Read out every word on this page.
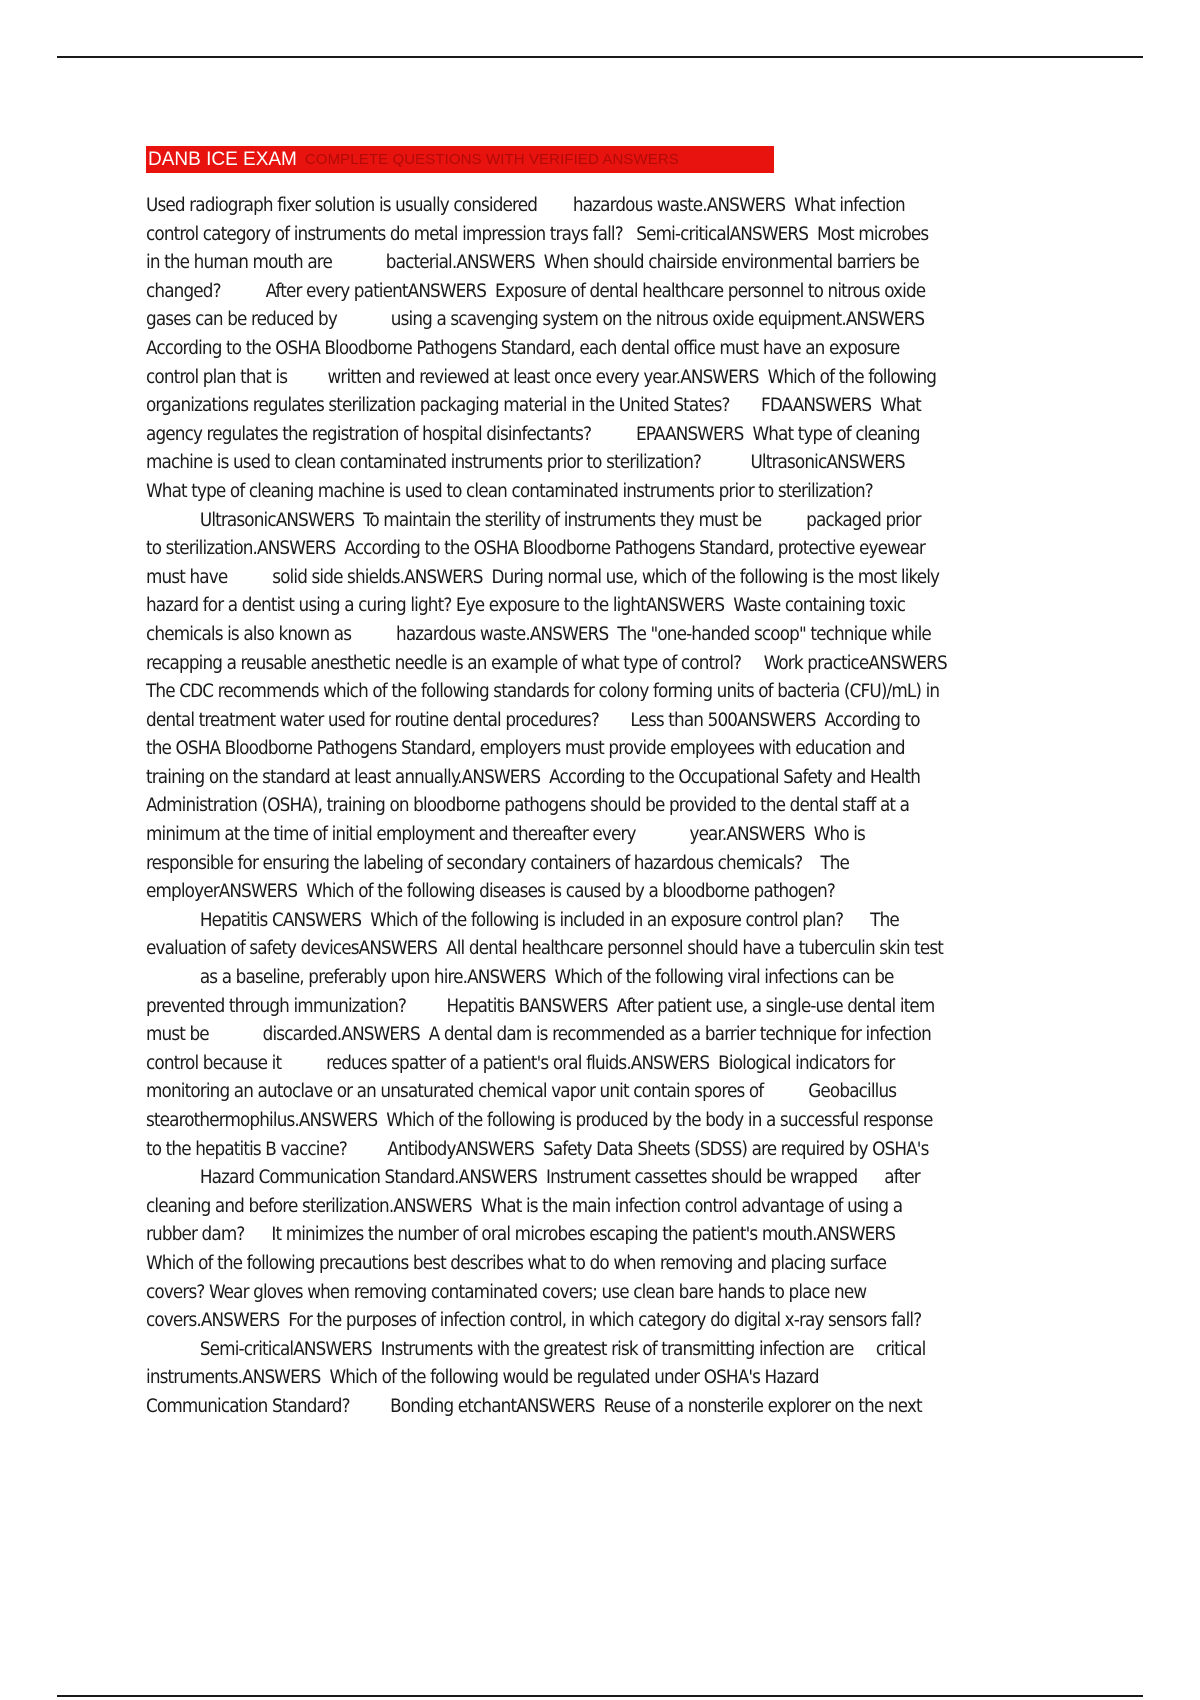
DANB ICE EXAM COMPLETE QUESTIONS WITH VERIFIED ANSWERS
Used radiograph fixer solution is usually considered        hazardous waste.ANSWERS  What infection
control category of instruments do metal impression trays fall?   Semi-criticalANSWERS  Most microbes
in the human mouth are            bacterial.ANSWERS  When should chairside environmental barriers be
changed?          After every patientANSWERS  Exposure of dental healthcare personnel to nitrous oxide
gases can be reduced by            using a scavenging system on the nitrous oxide equipment.ANSWERS
According to the OSHA Bloodborne Pathogens Standard, each dental office must have an exposure
control plan that is         written and reviewed at least once every year.ANSWERS  Which of the following
organizations regulates sterilization packaging material in the United States?       FDAANSWERS  What
agency regulates the registration of hospital disinfectants?          EPAANSWERS  What type of cleaning
machine is used to clean contaminated instruments prior to sterilization?           UltrasonicANSWERS
What type of cleaning machine is used to clean contaminated instruments prior to sterilization?
UltrasonicANSWERS  To maintain the sterility of instruments they must be          packaged prior
to sterilization.ANSWERS  According to the OSHA Bloodborne Pathogens Standard, protective eyewear
must have          solid side shields.ANSWERS  During normal use, which of the following is the most likely
hazard for a dentist using a curing light? Eye exposure to the lightANSWERS  Waste containing toxic
chemicals is also known as          hazardous waste.ANSWERS  The "one-handed scoop" technique while
recapping a reusable anesthetic needle is an example of what type of control?     Work practiceANSWERS
The CDC recommends which of the following standards for colony forming units of bacteria (CFU)/mL) in
dental treatment water used for routine dental procedures?       Less than 500ANSWERS  According to
the OSHA Bloodborne Pathogens Standard, employers must provide employees with education and
training on the standard at least annually.ANSWERS  According to the Occupational Safety and Health
Administration (OSHA), training on bloodborne pathogens should be provided to the dental staff at a
minimum at the time of initial employment and thereafter every            year.ANSWERS  Who is
responsible for ensuring the labeling of secondary containers of hazardous chemicals?    The
employerANSWERS  Which of the following diseases is caused by a bloodborne pathogen?
Hepatitis CANSWERS  Which of the following is included in an exposure control plan?      The
evaluation of safety devicesANSWERS  All dental healthcare personnel should have a tuberculin skin test
as a baseline, preferably upon hire.ANSWERS  Which of the following viral infections can be
prevented through immunization?         Hepatitis BANSWERS  After patient use, a single-use dental item
must be            discarded.ANSWERS  A dental dam is recommended as a barrier technique for infection
control because it          reduces spatter of a patient's oral fluids.ANSWERS  Biological indicators for
monitoring an autoclave or an unsaturated chemical vapor unit contain spores of          Geobacillus
stearothermophilus.ANSWERS  Which of the following is produced by the body in a successful response
to the hepatitis B vaccine?         AntibodyANSWERS  Safety Data Sheets (SDSS) are required by OSHA's
Hazard Communication Standard.ANSWERS  Instrument cassettes should be wrapped      after
cleaning and before sterilization.ANSWERS  What is the main infection control advantage of using a
rubber dam?      It minimizes the number of oral microbes escaping the patient's mouth.ANSWERS
Which of the following precautions best describes what to do when removing and placing surface
covers? Wear gloves when removing contaminated covers; use clean bare hands to place new
covers.ANSWERS  For the purposes of infection control, in which category do digital x-ray sensors fall?
Semi-criticalANSWERS  Instruments with the greatest risk of transmitting infection are     critical
instruments.ANSWERS  Which of the following would be regulated under OSHA's Hazard
Communication Standard?         Bonding etchantANSWERS  Reuse of a nonsterile explorer on the next
